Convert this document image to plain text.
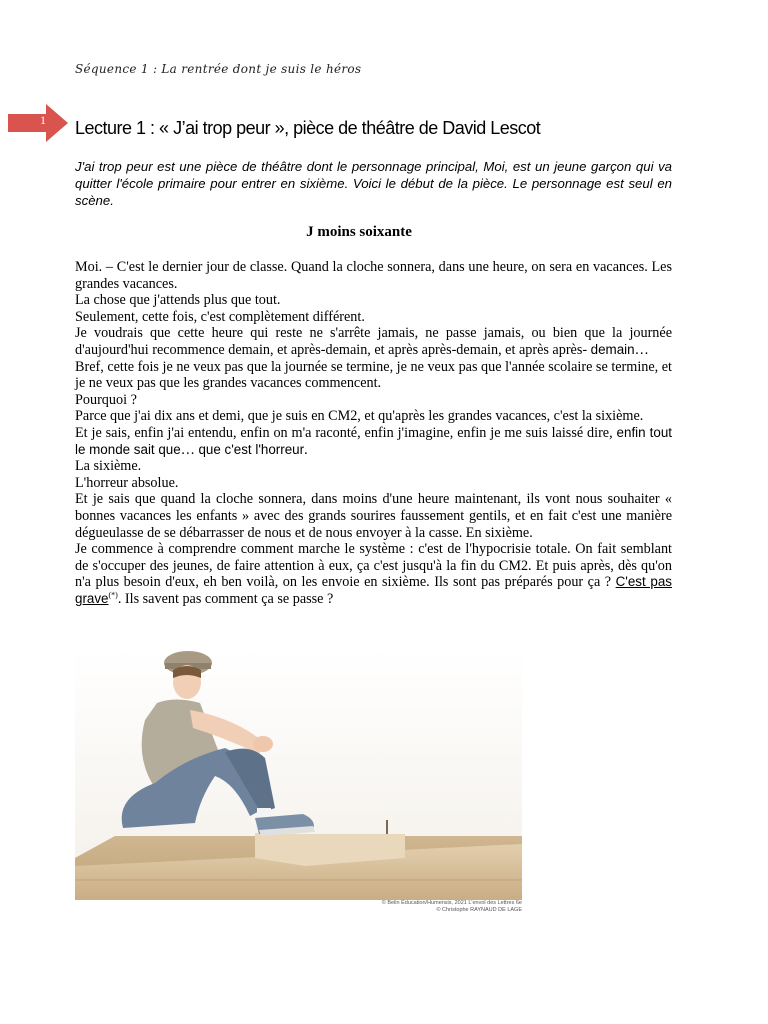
Séquence 1 : La rentrée dont je suis le héros
1 Lecture 1 : « J’ai trop peur », pièce de théâtre de David Lescot
J'ai trop peur est une pièce de théâtre dont le personnage principal, Moi, est un jeune garçon qui va quitter l'école primaire pour entrer en sixième. Voici le début de la pièce. Le personnage est seul en scène.
J moins soixante

Moi. – C'est le dernier jour de classe. Quand la cloche sonnera, dans une heure, on sera en vacances. Les grandes vacances.

La chose que j'attends plus que tout.

Seulement, cette fois, c'est complètement différent.

Je voudrais que cette heure qui reste ne s'arrête jamais, ne passe jamais, ou bien que la journée d'aujourd'hui recommence demain, et après-demain, et après après-demain, et après après- demain…

Bref, cette fois je ne veux pas que la journée se termine, je ne veux pas que l'année scolaire se termine, et je ne veux pas que les grandes vacances commencent.

Pourquoi ?

Parce que j'ai dix ans et demi, que je suis en CM2, et qu'après les grandes vacances, c'est la sixième.

Et je sais, enfin j'ai entendu, enfin on m'a raconté, enfin j'imagine, enfin je me suis laissé dire, enfin tout le monde sait que… que c'est l'horreur.

La sixième.

L'horreur absolue.

Et je sais que quand la cloche sonnera, dans moins d'une heure maintenant, ils vont nous souhaiter « bonnes vacances les enfants » avec des grands sourires faussement gentils, et en fait c'est une manière dégueulasse de se débarrasser de nous et de nous envoyer à la casse. En sixième.

Je commence à comprendre comment marche le système : c'est de l'hypocrisie totale. On fait semblant de s'occuper des jeunes, de faire attention à eux, ça c'est jusqu'à la fin du CM2. Et puis après, dès qu'on n'a plus besoin d'eux, eh ben voilà, on les envoie en sixième. Ils sont pas préparés pour ça ? C'est pas grave(*). Ils savent pas comment ça se passe ?

© Belin Éducation/Humensis, 2021 L'envol des Lettres 6e
© Christophe RAYNAUD DE LAGE
